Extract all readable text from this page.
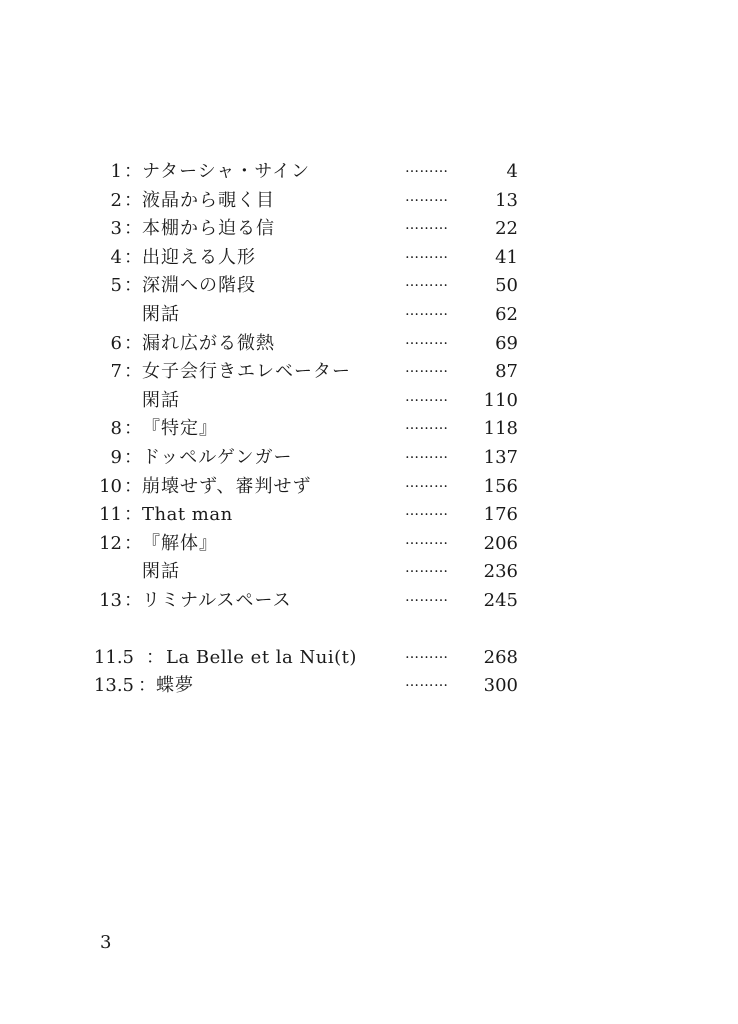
1 ： ナターシャ・サイン	………	4
2 ： 液晶から覗く目	………	13
3 ： 本棚から迫る信	………	22
4 ： 出迎える人形	………	41
5 ： 深淵への階段	………	50
閑話	………	62
6 ： 漏れ広がる微熱	………	69
7 ： 女子会行きエレベーター	………	87
閑話	……… 110
8 ： 『特定』	……… 118
9 ： ドッペルゲンガー	……… 137
10 ： 崩壊せず、審判せず	……… 156
11 ： That man	……… 176
12 ： 『解体』	……… 206
閑話	……… 236
13 ： リミナルスペース	……… 245
11.5 ： La Belle et la Nui(t)	……… 268
13.5 ： 蝶夢	……… 300
3
